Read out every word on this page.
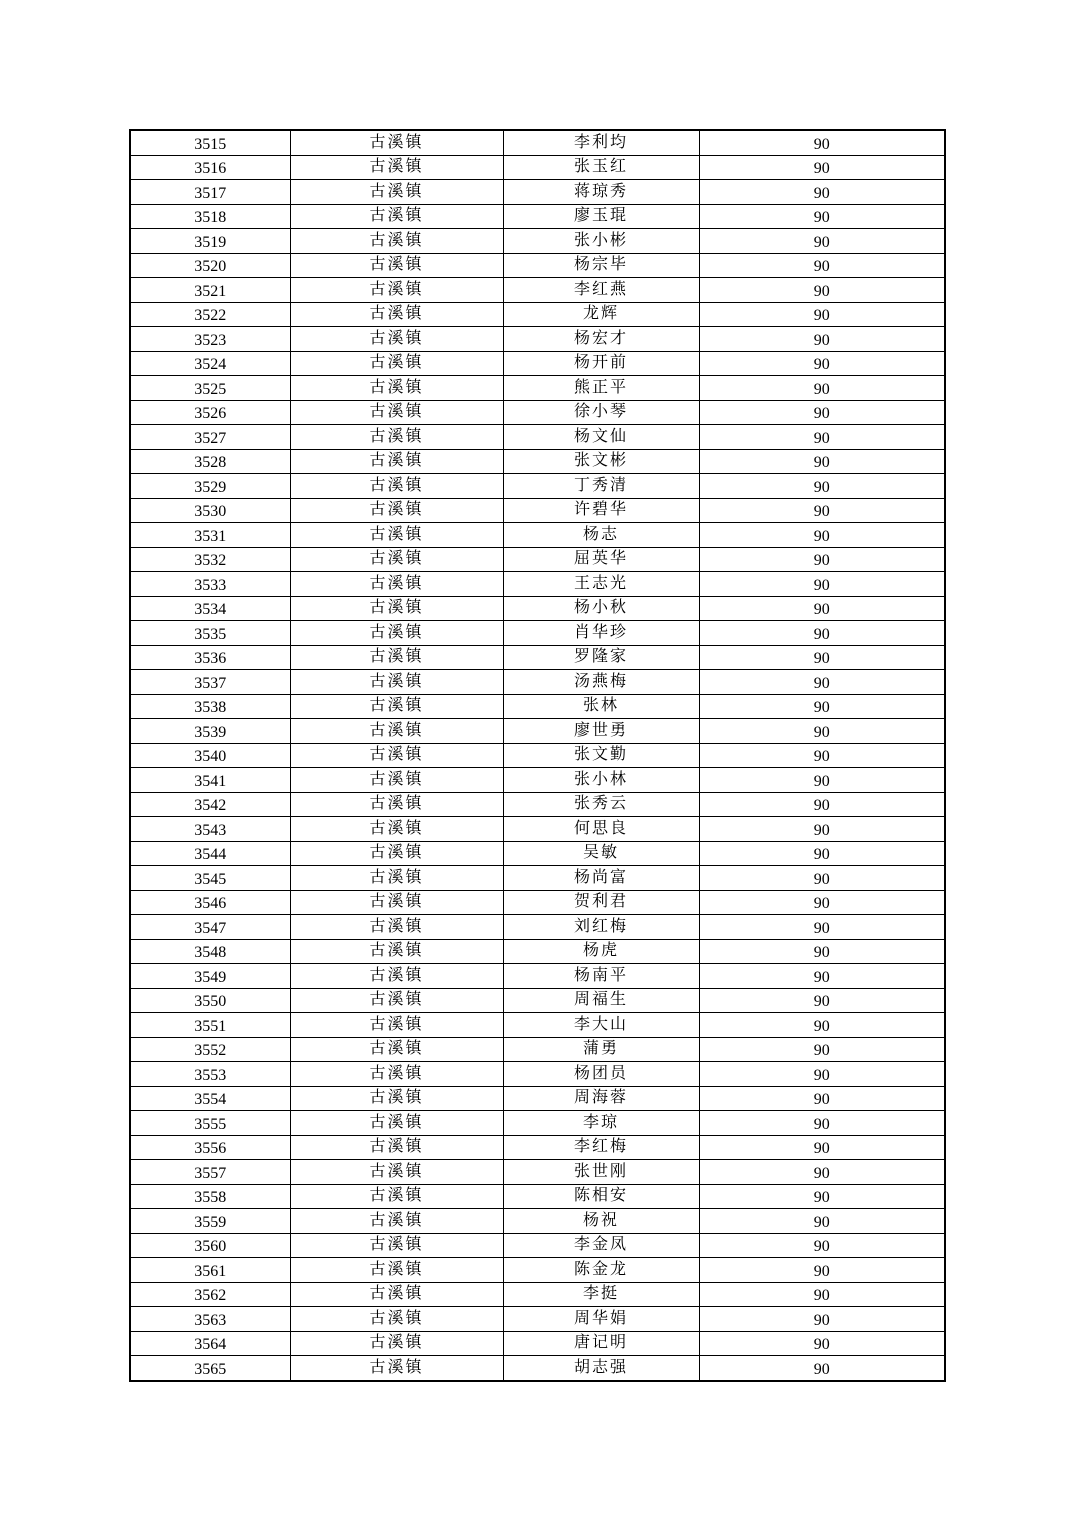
3515	古溪镇	李利均	90
3516	古溪镇	张玉红	90
3517	古溪镇	蒋琼秀	90
3518	古溪镇	廖玉琨	90
3519	古溪镇	张小彬	90
3520	古溪镇	杨宗毕	90
3521	古溪镇	李红燕	90
3522	古溪镇	龙辉	90
3523	古溪镇	杨宏才	90
3524	古溪镇	杨开前	90
3525	古溪镇	熊正平	90
3526	古溪镇	徐小琴	90
3527	古溪镇	杨文仙	90
3528	古溪镇	张文彬	90
3529	古溪镇	丁秀清	90
3530	古溪镇	许碧华	90
3531	古溪镇	杨志	90
3532	古溪镇	屈英华	90
3533	古溪镇	王志光	90
3534	古溪镇	杨小秋	90
3535	古溪镇	肖华珍	90
3536	古溪镇	罗隆家	90
3537	古溪镇	汤燕梅	90
3538	古溪镇	张林	90
3539	古溪镇	廖世勇	90
3540	古溪镇	张文勤	90
3541	古溪镇	张小林	90
3542	古溪镇	张秀云	90
3543	古溪镇	何思良	90
3544	古溪镇	吴敏	90
3545	古溪镇	杨尚富	90
3546	古溪镇	贺利君	90
3547	古溪镇	刘红梅	90
3548	古溪镇	杨虎	90
3549	古溪镇	杨南平	90
3550	古溪镇	周福生	90
3551	古溪镇	李大山	90
3552	古溪镇	蒲勇	90
3553	古溪镇	杨团员	90
3554	古溪镇	周海蓉	90
3555	古溪镇	李琼	90
3556	古溪镇	李红梅	90
3557	古溪镇	张世刚	90
3558	古溪镇	陈相安	90
3559	古溪镇	杨祝	90
3560	古溪镇	李金凤	90
3561	古溪镇	陈金龙	90
3562	古溪镇	李挺	90
3563	古溪镇	周华娟	90
3564	古溪镇	唐记明	90
3565	古溪镇	胡志强	90
